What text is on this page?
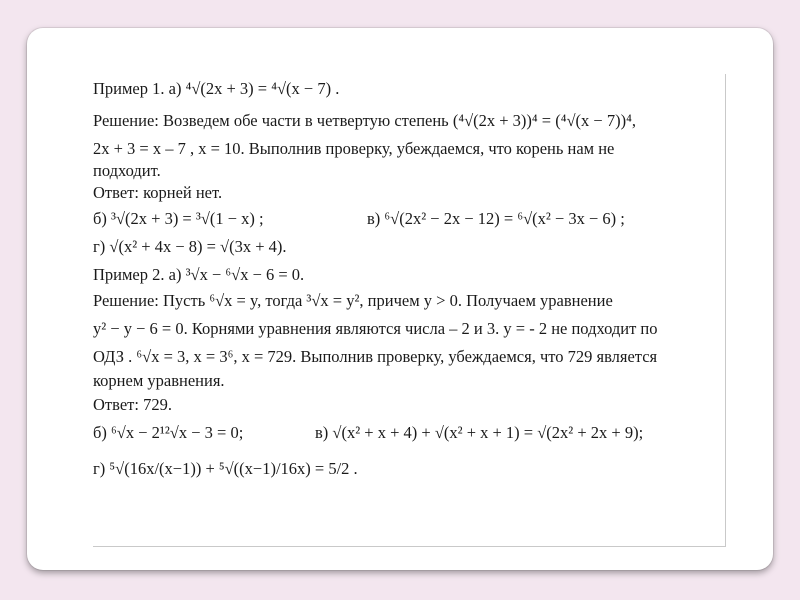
Пример 1. а) ⁴√(2x + 3) = ⁴√(x − 7) .
Решение: Возведем обе части в четвертую степень (⁴√(2x + 3))⁴ = (⁴√(x − 7))⁴,
2x + 3 = x – 7 , x = 10. Выполнив проверку, убеждаемся, что корень нам не
подходит.
Ответ: корней нет.
б) ³√(2x + 3) = ³√(1 − x) ;	в) ⁶√(2x² − 2x − 12) = ⁶√(x² − 3x − 6) ;
г) √(x² + 4x − 8) = √(3x + 4).
Пример 2. а) ³√x − ⁶√x − 6 = 0.
Решение: Пусть ⁶√x = y, тогда ³√x = y², причем y > 0. Получаем уравнение
y² − y − 6 = 0. Корнями уравнения являются числа – 2 и 3. y = - 2 не подходит по
ОДЗ . ⁶√x = 3, x = 3⁶, x = 729. Выполнив проверку, убеждаемся, что 729 является
корнем уравнения.
Ответ: 729.
б) ⁶√x − 2¹²√x − 3 = 0;	в) √(x² + x + 4) + √(x² + x + 1) = √(2x² + 2x + 9);
г) ⁵√(16x/(x−1)) + ⁵√((x−1)/16x) = 5/2 .
